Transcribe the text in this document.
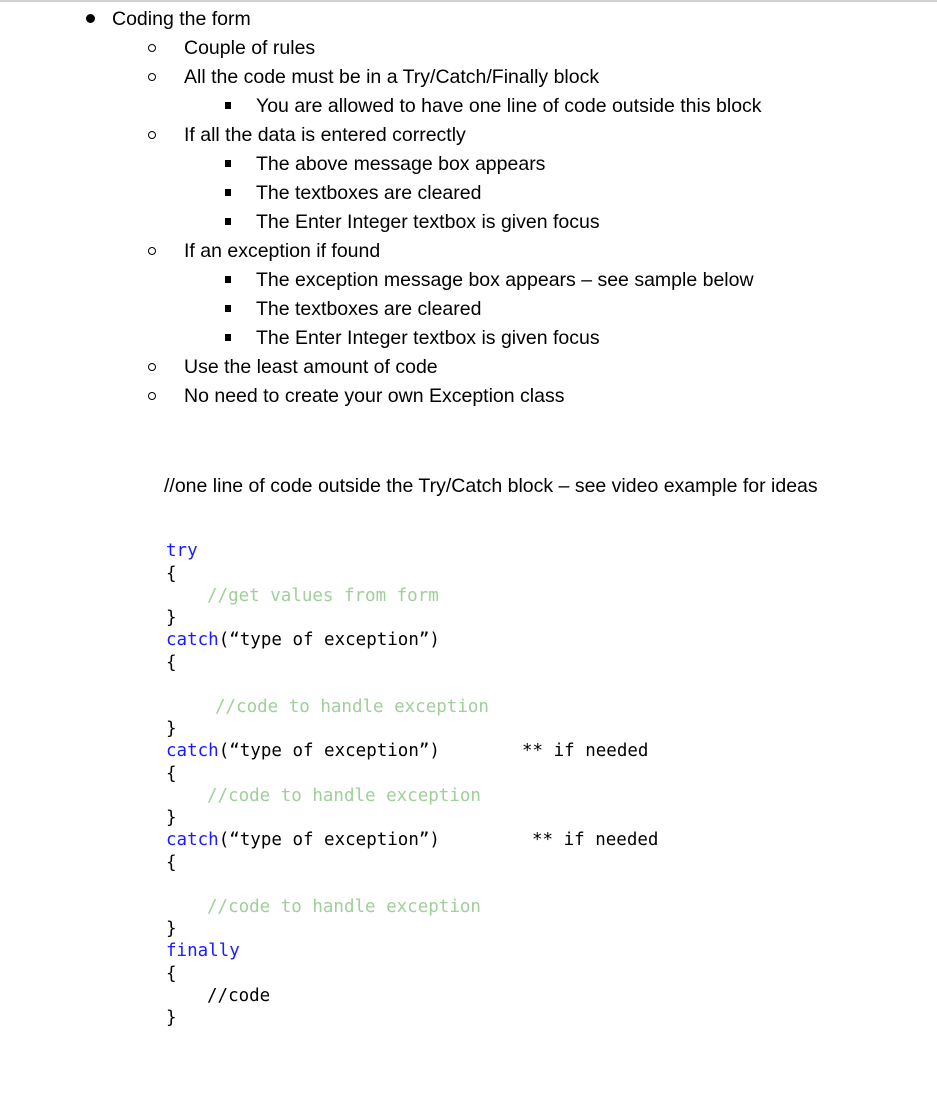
Coding the form
Couple of rules
All the code must be in a Try/Catch/Finally block
You are allowed to have one line of code outside this block
If all the data is entered correctly
The above message box appears
The textboxes are cleared
The Enter Integer textbox is given focus
If an exception if found
The exception message box appears – see sample below
The textboxes are cleared
The Enter Integer textbox is given focus
Use the least amount of code
No need to create your own Exception class
//one line of code outside the Try/Catch block – see video example for ideas
try
{
//get values from form
}
catch(“type of exception”)
{
//code to handle exception
}
catch(“type of exception”)	** if needed
{
//code to handle exception
}
catch(“type of exception”)	** if needed
{
//code to handle exception
}
finally
{
//code
}
